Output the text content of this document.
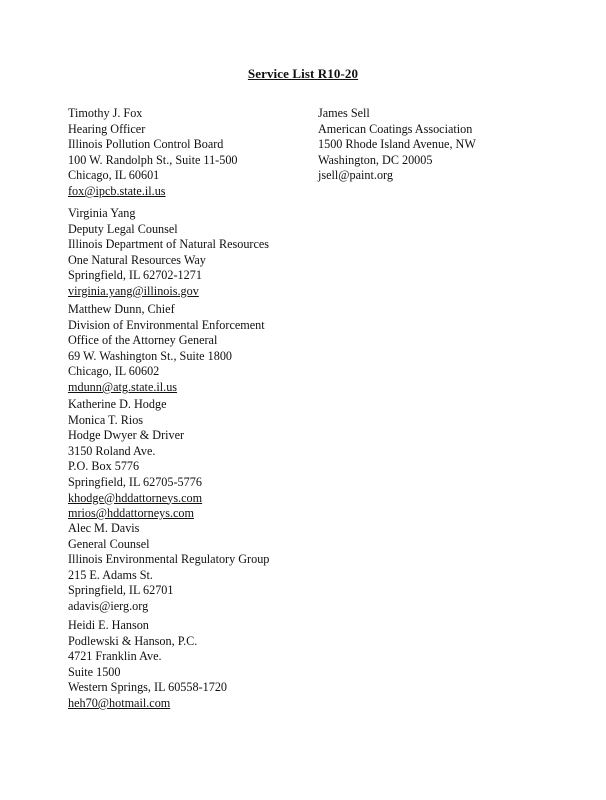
Service List R10-20
Timothy J. Fox
Hearing Officer
Illinois Pollution Control Board
100 W. Randolph St., Suite 11-500
Chicago, IL 60601
fox@ipcb.state.il.us
James Sell
American Coatings Association
1500 Rhode Island Avenue, NW
Washington, DC 20005
jsell@paint.org
Virginia Yang
Deputy Legal Counsel
Illinois Department of Natural Resources
One Natural Resources Way
Springfield, IL 62702-1271
virginia.yang@illinois.gov
Matthew Dunn, Chief
Division of Environmental Enforcement
Office of the Attorney General
69 W. Washington St., Suite 1800
Chicago, IL 60602
mdunn@atg.state.il.us
Katherine D. Hodge
Monica T. Rios
Hodge Dwyer & Driver
3150 Roland Ave.
P.O. Box 5776
Springfield, IL 62705-5776
khodge@hddattorneys.com
mrios@hddattorneys.com
Alec M. Davis
General Counsel
Illinois Environmental Regulatory Group
215 E. Adams St.
Springfield, IL 62701
adavis@ierg.org
Heidi E. Hanson
Podlewski & Hanson, P.C.
4721 Franklin Ave.
Suite 1500
Western Springs, IL 60558-1720
heh70@hotmail.com
